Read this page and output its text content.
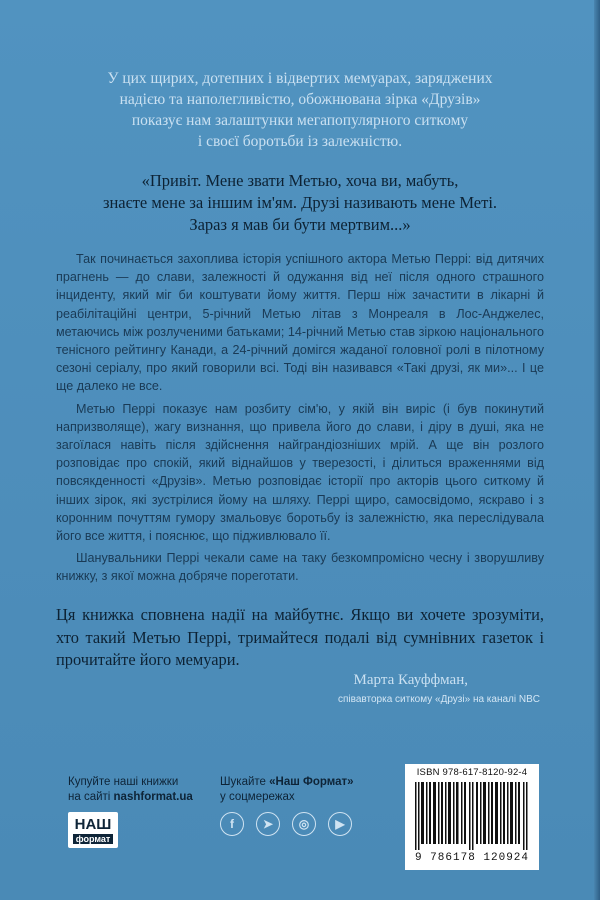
У цих щирих, дотепних і відвертих мемуарах, заряджених
надією та наполегливістю, обожнювана зірка «Друзів»
показує нам залаштунки мегапопулярного ситкому
і своєї боротьби із залежністю.
«Привіт. Мене звати Метью, хоча ви, мабуть,
знаєте мене за іншим ім'ям. Друзі називають мене Меті.
Зараз я мав би бути мертвим...»

Так починається захоплива історія успішного актора Метью Перрі: від дитячих прагнень — до слави, залежності й одужання від неї після одного страшного інциденту, який міг би коштувати йому життя. Перш ніж зачастити в лікарні й реабілітаційні центри, 5-річний Метью літав з Монреаля в Лос-Анджелес, метаючись між розлученими батьками; 14-річний Метью став зіркою національного тенісного рейтингу Канади, а 24-річний домігся жаданої головної ролі в пілотному сезоні серіалу, про який говорили всі. Тоді він називався «Такі друзі, як ми»... І це ще далеко не все.

Метью Перрі показує нам розбиту сім'ю, у якій він виріс (і був покинутий напризволяще), жагу визнання, що привела його до слави, і діру в душі, яка не загоїлася навіть після здійснення найграндіозніших мрій. А ще він розлого розповідає про спокій, який віднайшов у тверезості, і ділиться враженнями від повсякденності «Друзів». Метью розповідає історії про акторів цього ситкому й інших зірок, які зустрілися йому на шляху. Перрі щиро, самосвідомо, яскраво і з коронним почуттям гумору змальовує боротьбу із залежністю, яка переслідувала його все життя, і пояснює, що підживлювало її.

Шанувальники Перрі чекали саме на таку безкомпромісно чесну і зворушливу книжку, з якої можна добряче пореготати.

Ця книжка сповнена надії на майбутнє. Якщо ви хочете зрозуміти, хто такий Метью Перрі, тримайтеся подалі від сумнівних газеток і прочитайте його мемуари.
Марта Кауффман,
співавторка ситкому «Друзі» на каналі NBC
Купуйте наші книжки
на сайті nashformat.ua
НАШ
формат
Шукайте «Наш Формат»
у соцмережах
f	➤	◎	▶
ISBN 978-617-8120-92-4
9 786178 120924
